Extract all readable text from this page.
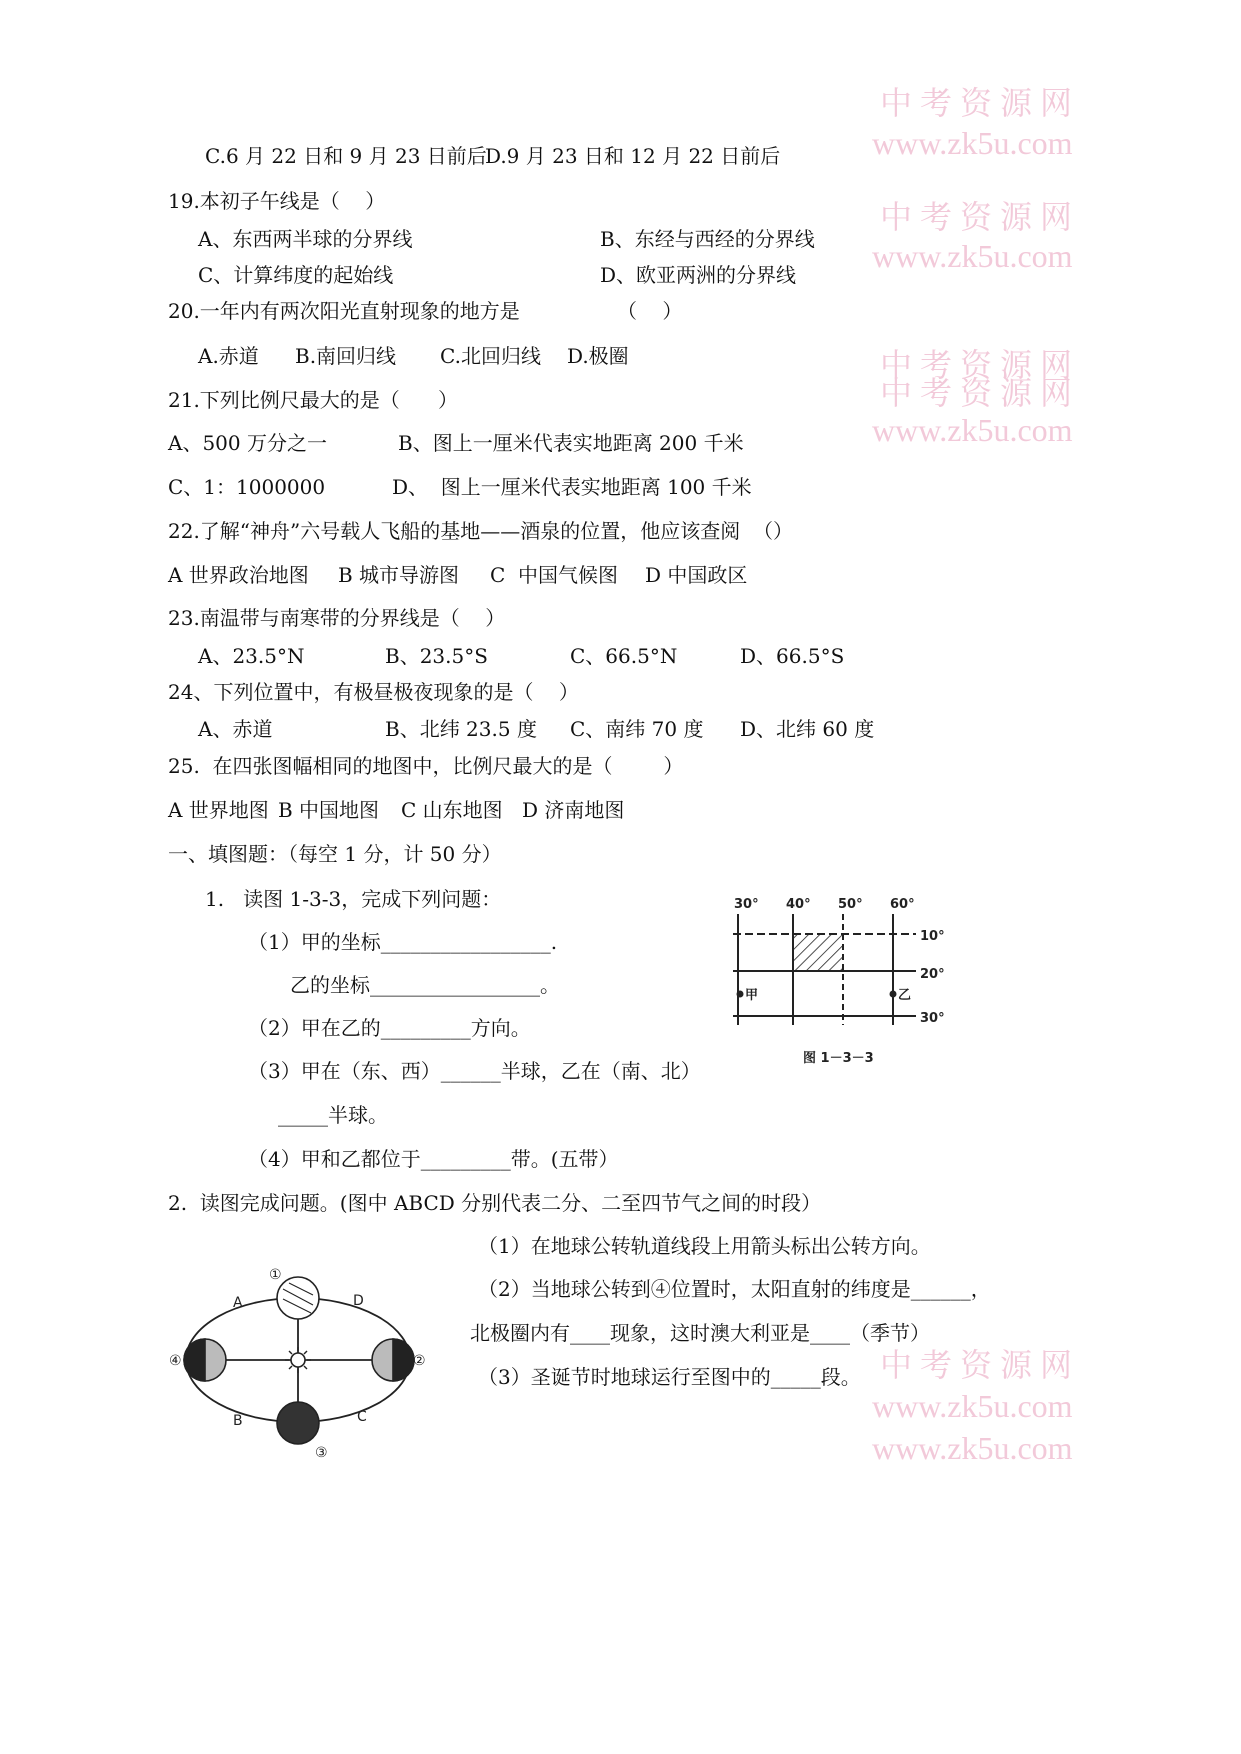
中考资源网
www.zk5u.com
中考资源网
www.zk5u.com
中考资源网
中考资源网
www.zk5u.com
中考资源网
www.zk5u.com
www.zk5u.com
C.6 月 22 日和 9 月 23 日前后
D.9 月 23 日和 12 月 22 日前后
19.本初子午线是（    ）
A、东西两半球的分界线	B、东经与西经的分界线
C、计算纬度的起始线	D、欧亚两洲的分界线
20.一年内有两次阳光直射现象的地方是	（    ）
A.赤道 B.南回归线 C.北回归线 D.极圈
21.下列比例尺最大的是（      ）
A、500 万分之一	B、图上一厘米代表实地距离 200 千米
C、1：1000000	D、  图上一厘米代表实地距离 100 千米
22.了解“神舟”六号载人飞船的基地——酒泉的位置，他应该查阅  （）
A 世界政治地图 B 城市导游图 C  中国气候图 D 中国政区
23.南温带与南寒带的分界线是（    ）
A、23.5°N	B、23.5°S	C、66.5°N	D、66.5°S
24、下列位置中，有极昼极夜现象的是（    ）
A、赤道	B、北纬 23.5 度 C、南纬 70 度 D、北纬 60 度
25.  在四张图幅相同的地图中，比例尺最大的是（        ）
A 世界地图 B 中国地图 C 山东地图 D 济南地图
一、填图题：（每空 1 分，计 50 分）
1.   读图 1-3-3，完成下列问题：
（1）甲的坐标_________________.
乙的坐标_________________。
（2）甲在乙的_________方向。
（3）甲在（东、西）______半球，乙在（南、北）
_____半球。
（4）甲和乙都位于_________带。(五带）
30° 40° 50° 60°
10°
20°
30°
甲	乙
图 1－3－3
2.  读图完成问题。(图中 ABCD 分别代表二分、二至四节气之间的时段）
（1）在地球公转轨道线段上用箭头标出公转方向。
（2）当地球公转到④位置时，太阳直射的纬度是______，
北极圈内有____现象，这时澳大利亚是____（季节）
（3）圣诞节时地球运行至图中的_____段。
A
B	C
D
①
②
③
④
